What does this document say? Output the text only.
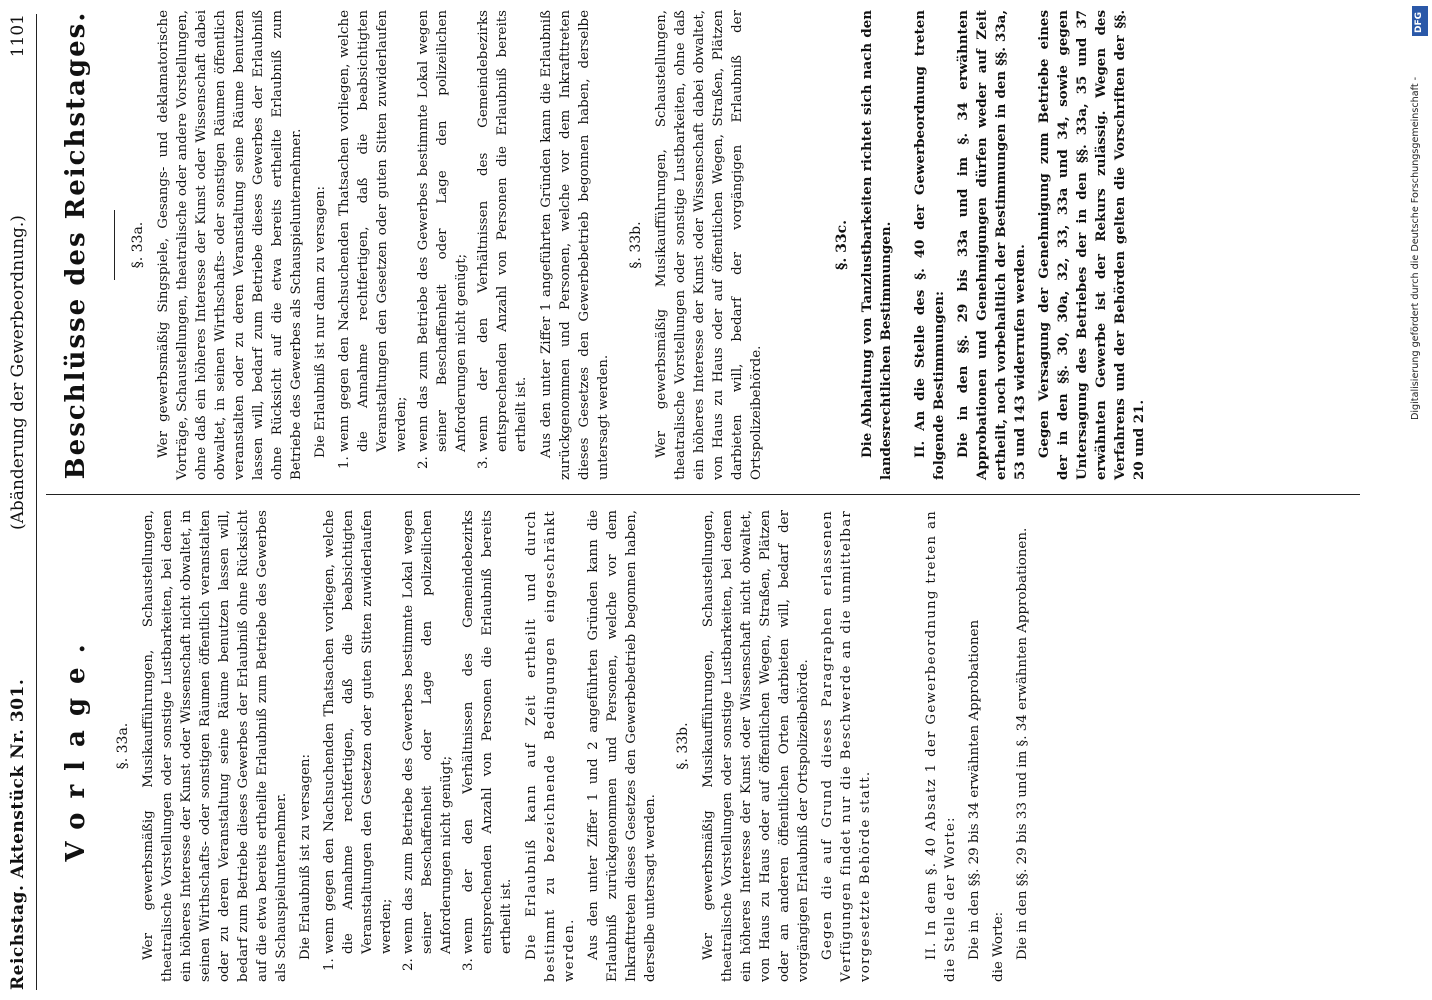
Reichstag. Aktenstück Nr. 301.
(Abänderung der Gewerbeordnung.)
1101
Vorlage.	§. 33a. Wer gewerbsmäßig Musikaufführungen, Schaustellungen, theatralische Vorstellungen oder sonstige Lustbarkeiten, bei denen ein höheres Interesse der Kunst oder Wissenschaft nicht obwaltet, in seinen Wirthschafts- oder sonstigen Räumen öffentlich veranstalten oder zu deren Veranstaltung seine Räume benutzen lassen will, bedarf zum Betriebe dieses Gewerbes der Erlaubniß ohne Rücksicht auf die etwa bereits ertheilte Erlaubniß zum Betriebe des Gewerbes als Schauspielunternehmer. Die Erlaubniß ist zu versagen: 1. wenn gegen den Nachsuchenden Thatsachen vorliegen, welche die Annahme rechtfertigen, daß die beabsichtigten Veranstaltungen den Gesetzen oder guten Sitten zuwiderlaufen werden; 2. wenn das zum Betriebe des Gewerbes bestimmte Lokal wegen seiner Beschaffenheit oder Lage den polizeilichen Anforderungen nicht genügt; 3. wenn der den Verhältnissen des Gemeindebezirks entsprechenden Anzahl von Personen die Erlaubniß bereits ertheilt ist. Die Erlaubniß kann auf Zeit ertheilt und durch bestimmt zu bezeichnende Bedingungen eingeschränkt werden. Aus den unter Ziffer 1 und 2 angeführten Gründen kann die Erlaubniß zurückgenommen und Personen, welche vor dem Inkrafttreten dieses Gesetzes den Gewerbebetrieb begonnen haben, derselbe untersagt werden.

§. 33b. Wer gewerbsmäßig Musikaufführungen, Schaustellungen, theatralische Vorstellungen oder sonstige Lustbarkeiten, bei denen ein höheres Interesse der Kunst oder Wissenschaft nicht obwaltet, von Haus zu Haus oder auf öffentlichen Wegen, Straßen, Plätzen oder an anderen öffentlichen Orten darbieten will, bedarf der vorgängigen Erlaubniß der Ortspolizeibehörde. Gegen die auf Grund dieses Paragraphen erlassenen Verfügungen findet nur die Beschwerde an die unmittelbar vorgesetzte Behörde statt.	II. In dem §. 40 Absatz 1 der Gewerbeordnung treten an die Stelle der Worte: Die in den §§. 29 bis 34 erwähnten Approbationen die Worte: Die in den §§. 29 bis 33 und im §. 34 erwähnten Approbationen.

Beschlüsse des Reichstages.	§. 33a. Wer gewerbsmäßig Singspiele, Gesangs- und deklamatorische Vorträge, Schaustellungen, theatralische oder andere Vorstellungen, ohne daß ein höheres Interesse der Kunst oder Wissenschaft dabei obwaltet, in seinen Wirthschafts- oder sonstigen Räumen öffentlich veranstalten oder zu deren Veranstaltung seine Räume benutzen lassen will, bedarf zum Betriebe dieses Gewerbes der Erlaubniß ohne Rücksicht auf die etwa bereits ertheilte Erlaubniß zum Betriebe des Gewerbes als Schauspielunternehmer. Die Erlaubniß ist nur dann zu versagen: 1. wenn gegen den Nachsuchenden Thatsachen vorliegen, welche die Annahme rechtfertigen, daß die beabsichtigten Veranstaltungen den Gesetzen oder guten Sitten zuwiderlaufen werden; 2. wenn das zum Betriebe des Gewerbes bestimmte Lokal wegen seiner Beschaffenheit oder Lage den polizeilichen Anforderungen nicht genügt; 3. wenn der den Verhältnissen des Gemeindebezirks entsprechenden Anzahl von Personen die Erlaubniß bereits ertheilt ist. Aus den unter Ziffer 1 angeführten Gründen kann die Erlaubniß zurückgenommen und Personen, welche vor dem Inkrafttreten dieses Gesetzes den Gewerbebetrieb begonnen haben, derselbe untersagt werden.

§. 33b. Wer gewerbsmäßig Musikaufführungen, Schaustellungen, theatralische Vorstellungen oder sonstige Lustbarkeiten, ohne daß ein höheres Interesse der Kunst oder Wissenschaft dabei obwaltet, von Haus zu Haus oder auf öffentlichen Wegen, Straßen, Plätzen darbieten will, bedarf der vorgängigen Erlaubniß der Ortspolizeibehörde.

§. 33c. Die Abhaltung von Tanzlustbarkeiten richtet sich nach den landesrechtlichen Bestimmungen. II. An die Stelle des §. 40 der Gewerbeordnung treten folgende Bestimmungen: Die in den §§. 29 bis 33a und im §. 34 erwähnten Approbationen und Genehmigungen dürfen weder auf Zeit ertheilt, noch vorbehaltlich der Bestimmungen in den §§. 33a, 53 und 143 widerrufen werden. Gegen Versagung der Genehmigung zum Betriebe eines der in den §§. 30, 30a, 32, 33, 33a und 34, sowie gegen Untersagung des Betriebes der in den §§. 33a, 35 und 37 erwähnten Gewerbe ist der Rekurs zulässig. Wegen des Verfahrens und der Behörden gelten die Vorschriften der §§. 20 und 21.

Digitalisierung gefördert durch die Deutsche Forschungsgemeinschaft -
DFG
